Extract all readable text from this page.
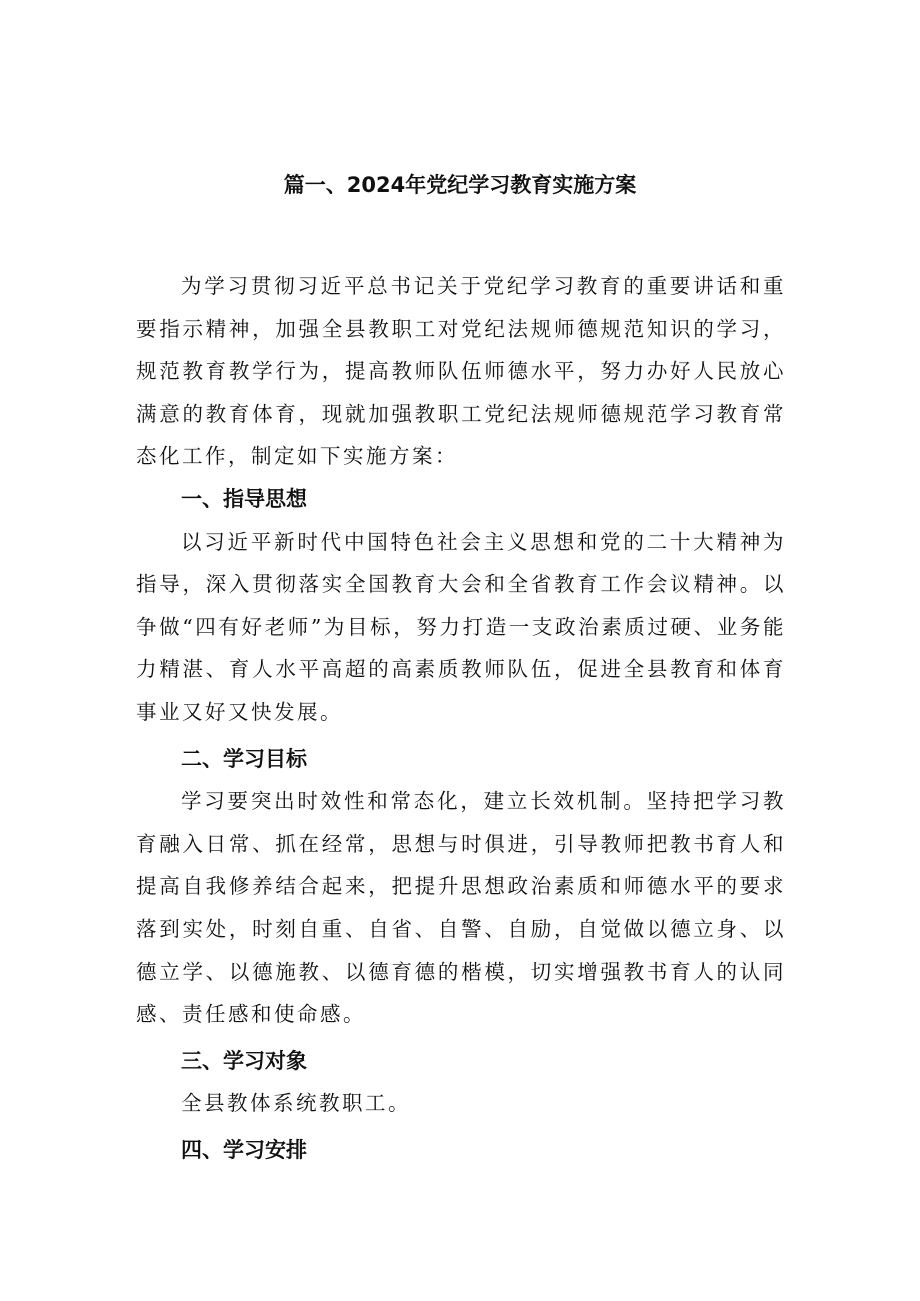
篇一、2024年党纪学习教育实施方案

为学习贯彻习近平总书记关于党纪学习教育的重要讲话和重要指示精神，加强全县教职工对党纪法规师德规范知识的学习，规范教育教学行为，提高教师队伍师德水平，努力办好人民放心满意的教育体育，现就加强教职工党纪法规师德规范学习教育常态化工作，制定如下实施方案：

一、指导思想

以习近平新时代中国特色社会主义思想和党的二十大精神为指导，深入贯彻落实全国教育大会和全省教育工作会议精神。以争做“四有好老师”为目标，努力打造一支政治素质过硬、业务能力精湛、育人水平高超的高素质教师队伍，促进全县教育和体育事业又好又快发展。

二、学习目标

学习要突出时效性和常态化，建立长效机制。坚持把学习教育融入日常、抓在经常，思想与时俱进，引导教师把教书育人和提高自我修养结合起来，把提升思想政治素质和师德水平的要求落到实处，时刻自重、自省、自警、自励，自觉做以德立身、以德立学、以德施教、以德育德的楷模，切实增强教书育人的认同感、责任感和使命感。

三、学习对象

全县教体系统教职工。

四、学习安排
